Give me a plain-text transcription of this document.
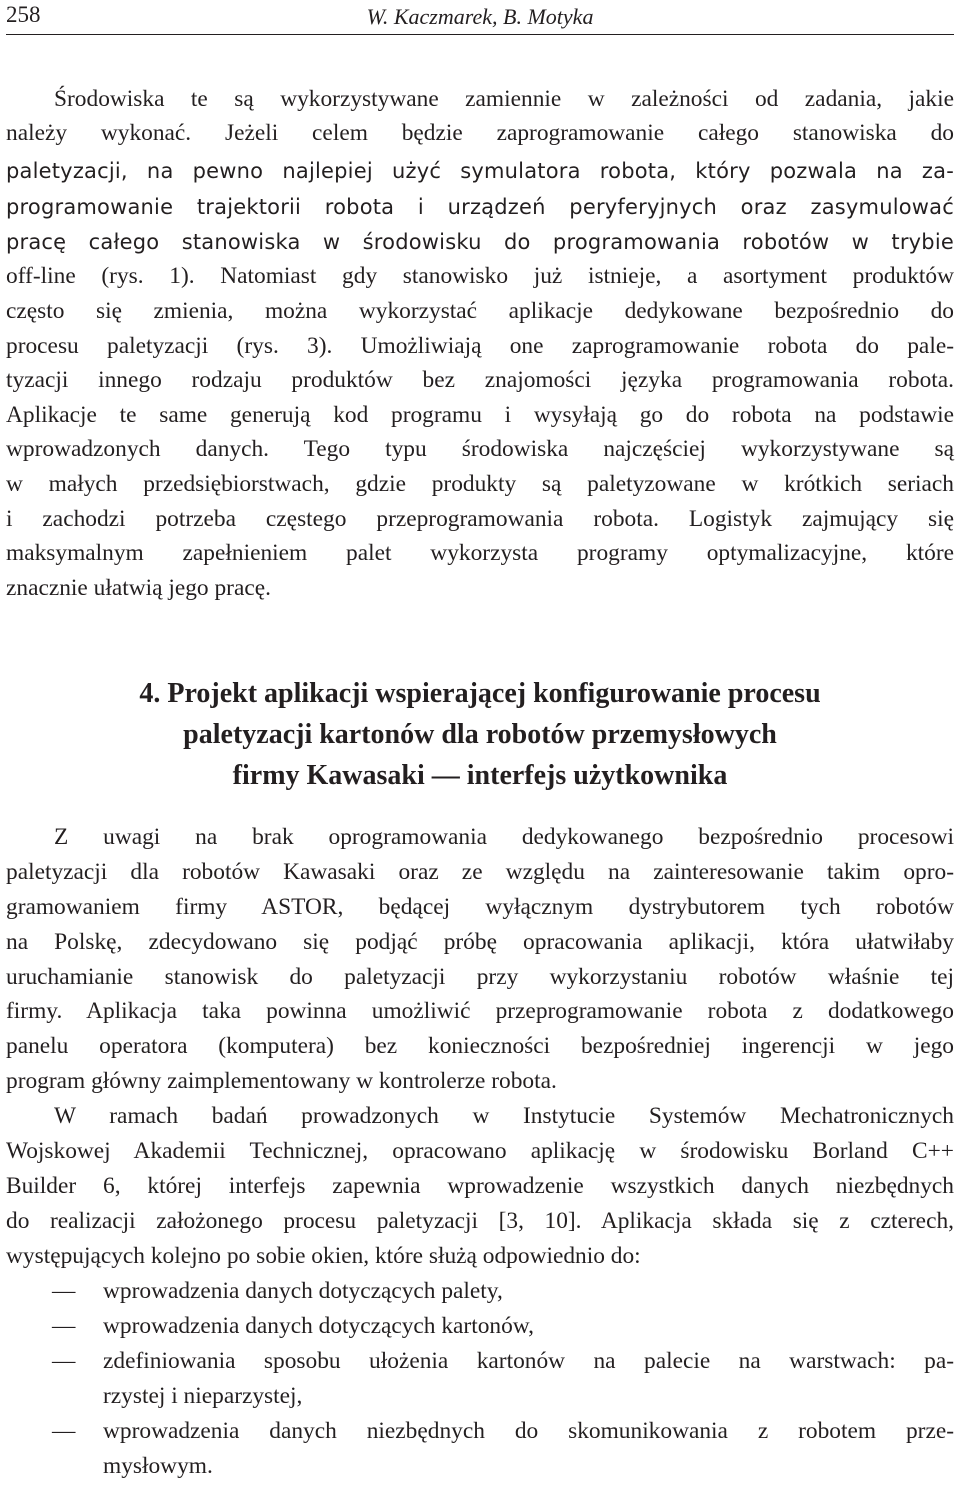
258	W. Kaczmarek, B. Motyka
Środowiska te są wykorzystywane zamiennie w zależności od zadania, jakie
należy wykonać. Jeżeli celem będzie zaprogramowanie całego stanowiska do
paletyzacji, na pewno najlepiej użyć symulatora robota, który pozwala na za-
programowanie trajektorii robota i urządzeń peryferyjnych oraz zasymulować
pracę całego stanowiska w środowisku do programowania robotów w trybie
off-line (rys. 1). Natomiast gdy stanowisko już istnieje, a asortyment produktów
często się zmienia, można wykorzystać aplikacje dedykowane bezpośrednio do
procesu paletyzacji (rys. 3). Umożliwiają one zaprogramowanie robota do pale-
tyzacji innego rodzaju produktów bez znajomości języka programowania robota.
Aplikacje te same generują kod programu i wysyłają go do robota na podstawie
wprowadzonych danych. Tego typu środowiska najczęściej wykorzystywane są
w małych przedsiębiorstwach, gdzie produkty są paletyzowane w krótkich seriach
i zachodzi potrzeba częstego przeprogramowania robota. Logistyk zajmujący się
maksymalnym zapełnieniem palet wykorzysta programy optymalizacyjne, które
znacznie ułatwią jego pracę.
4. Projekt aplikacji wspierającej konfigurowanie procesu
paletyzacji kartonów dla robotów przemysłowych
firmy Kawasaki — interfejs użytkownika
Z uwagi na brak oprogramowania dedykowanego bezpośrednio procesowi
paletyzacji dla robotów Kawasaki oraz ze względu na zainteresowanie takim opro-
gramowaniem firmy ASTOR, będącej wyłącznym dystrybutorem tych robotów
na Polskę, zdecydowano się podjąć próbę opracowania aplikacji, która ułatwiłaby
uruchamianie stanowisk do paletyzacji przy wykorzystaniu robotów właśnie tej
firmy. Aplikacja taka powinna umożliwić przeprogramowanie robota z dodatkowego
panelu operatora (komputera) bez konieczności bezpośredniej ingerencji w jego
program główny zaimplementowany w kontrolerze robota.
W ramach badań prowadzonych w Instytucie Systemów Mechatronicznych
Wojskowej Akademii Technicznej, opracowano aplikację w środowisku Borland C++
Builder 6, której interfejs zapewnia wprowadzenie wszystkich danych niezbędnych
do realizacji założonego procesu paletyzacji [3, 10]. Aplikacja składa się z czterech,
występujących kolejno po sobie okien, które służą odpowiednio do:
—	wprowadzenia danych dotyczących palety,
—	wprowadzenia danych dotyczących kartonów,
—	zdefiniowania sposobu ułożenia kartonów na palecie na warstwach: pa-
rzystej i nieparzystej,
—	wprowadzenia danych niezbędnych do skomunikowania z robotem prze-
mysłowym.
